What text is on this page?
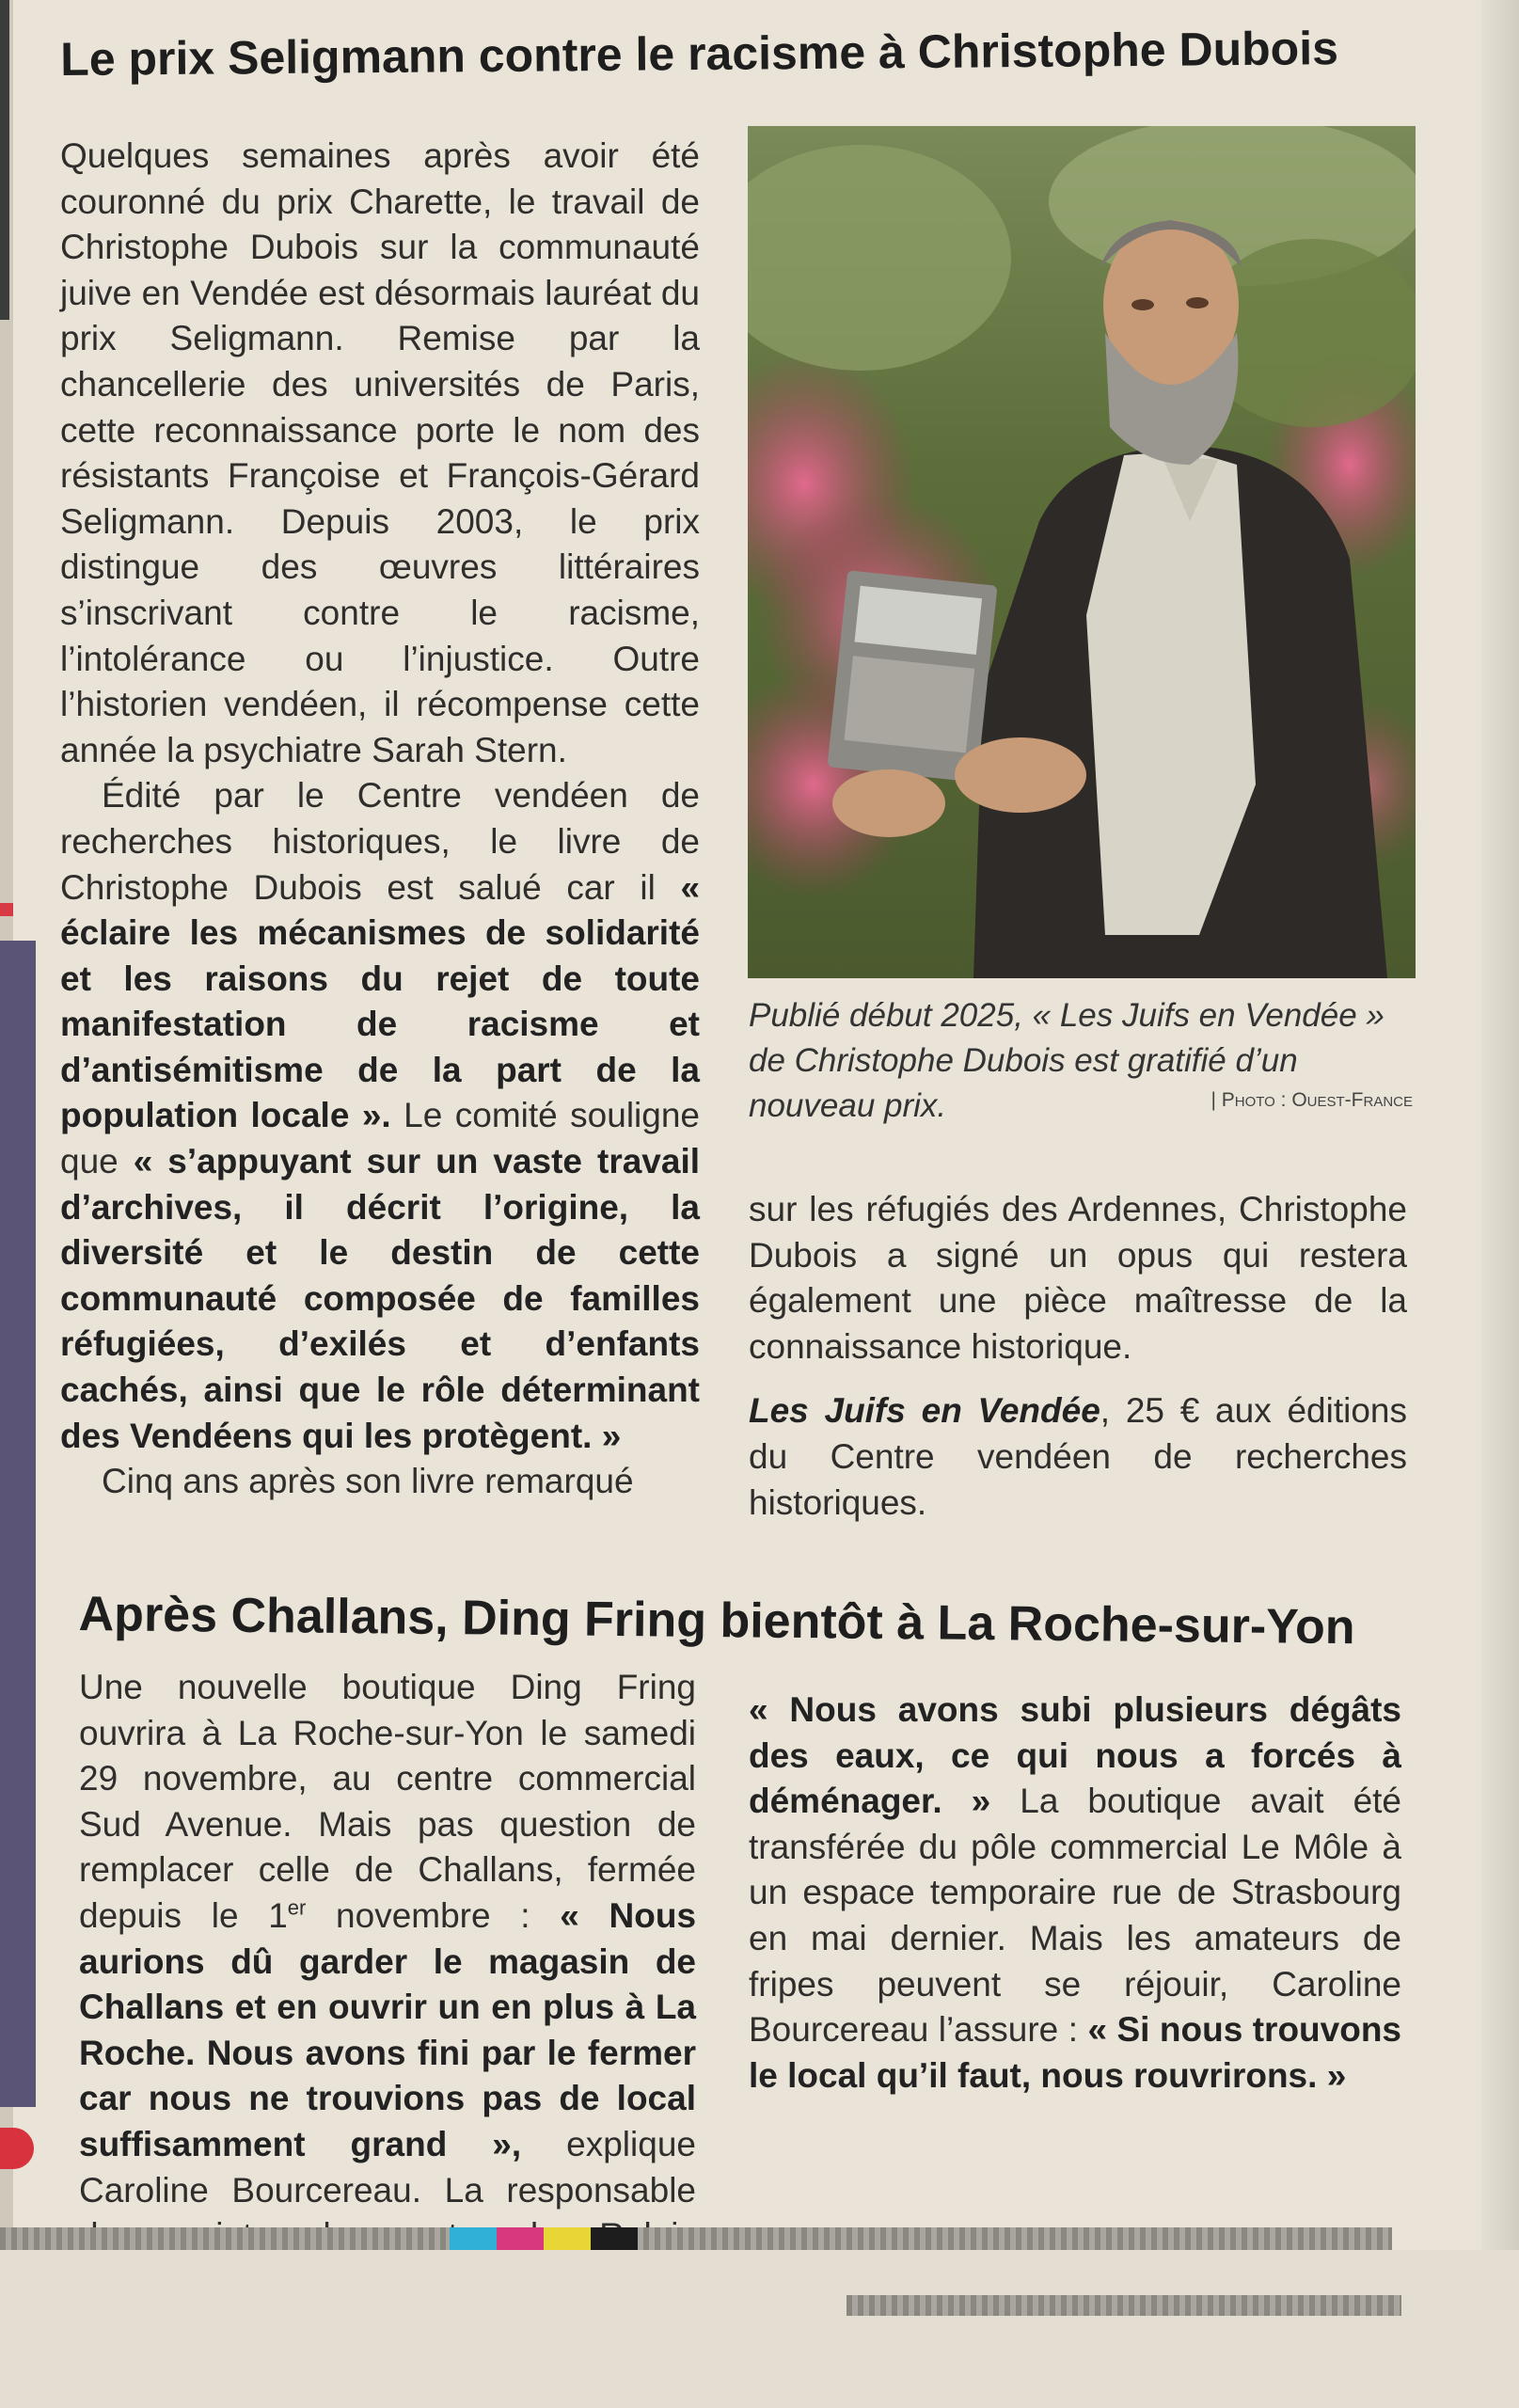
Le prix Seligmann contre le racisme à Christophe Dubois

Quelques semaines après avoir été couronné du prix Charette, le travail de Christophe Dubois sur la communauté juive en Vendée est désormais lauréat du prix Seligmann. Remise par la chancellerie des universités de Paris, cette reconnaissance porte le nom des résistants Françoise et François-Gérard Seligmann. Depuis 2003, le prix distingue des œuvres littéraires s’inscrivant contre le racisme, l’intolérance ou l’injustice. Outre l’historien vendéen, il récompense cette année la psychiatre Sarah Stern.

Édité par le Centre vendéen de recherches historiques, le livre de Christophe Dubois est salué car il « éclaire les mécanismes de solidarité et les raisons du rejet de toute manifestation de racisme et d’antisémitisme de la part de la population locale ». Le comité souligne que « s’appuyant sur un vaste travail d’archives, il décrit l’origine, la diversité et le destin de cette communauté composée de familles réfugiées, d’exilés et d’enfants cachés, ainsi que le rôle déterminant des Vendéens qui les protègent. »

Cinq ans après son livre remarqué

Publié début 2025, « Les Juifs en Vendée » de Christophe Dubois est gratifié d’un nouveau prix.	| Photo : Ouest-France

sur les réfugiés des Ardennes, Christophe Dubois a signé un opus qui restera également une pièce maîtresse de la connaissance historique.

Les Juifs en Vendée, 25 € aux éditions du Centre vendéen de recherches historiques.

Après Challans, Ding Fring bientôt à La Roche-sur-Yon

Une nouvelle boutique Ding Fring ouvrira à La Roche-sur-Yon le samedi 29 novembre, au centre commercial Sud Avenue. Mais pas question de remplacer celle de Challans, fermée depuis le 1er novembre : « Nous aurions dû garder le magasin de Challans et en ouvrir un en plus à La Roche. Nous avons fini par le fermer car nous ne trouvions pas de local suffisamment grand », explique Caroline Bourcereau. La responsable

« Nous avons subi plusieurs dégâts des eaux, ce qui nous a forcés à déménager. » La boutique avait été transférée du pôle commercial Le Môle à un espace temporaire rue de Strasbourg en mai dernier. Mais les amateurs de fripes peuvent se réjouir, Caroline Bourcereau l’assure : « Si nous trouvons le local qu’il faut, nous rouvrirons. »
